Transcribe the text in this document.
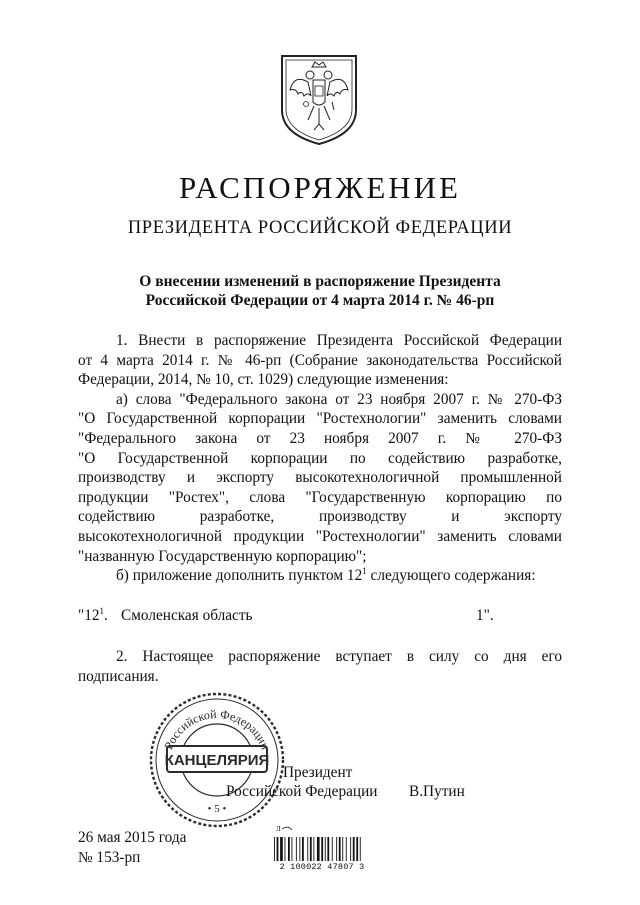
РАСПОРЯЖЕНИЕ
ПРЕЗИДЕНТА РОССИЙСКОЙ ФЕДЕРАЦИИ
О внесении изменений в распоряжение Президента
Российской Федерации от 4 марта 2014 г. № 46-рп
1. Внести в распоряжение Президента Российской Федерации
от 4 марта 2014 г. № 46-рп (Собрание законодательства Российской
Федерации, 2014, № 10, ст. 1029) следующие изменения:
а) слова "Федерального закона от 23 ноября 2007 г. № 270-ФЗ
"О Государственной корпорации "Ростехнологии" заменить словами
"Федерального закона от 23 ноября 2007 г. № 270-ФЗ
"О Государственной корпорации по содействию разработке,
производству и экспорту высокотехнологичной промышленной
продукции "Ростех", слова "Государственную корпорацию по
содействию разработке, производству и экспорту
высокотехнологичной продукции "Ростехнологии" заменить словами
"названную Государственную корпорацию";
б) приложение дополнить пунктом $12^1$ следующего содержания:
"$12^1$. Смоленская область	1".
2. Настоящее распоряжение вступает в силу со дня его
подписания.
Президент
Российской Федерации В.Путин
Российской Федерации
КАНЦЕЛЯРИЯ
• 5 •
26 мая 2015 года
№ 153-рп
Л
2 100022 47807 3
